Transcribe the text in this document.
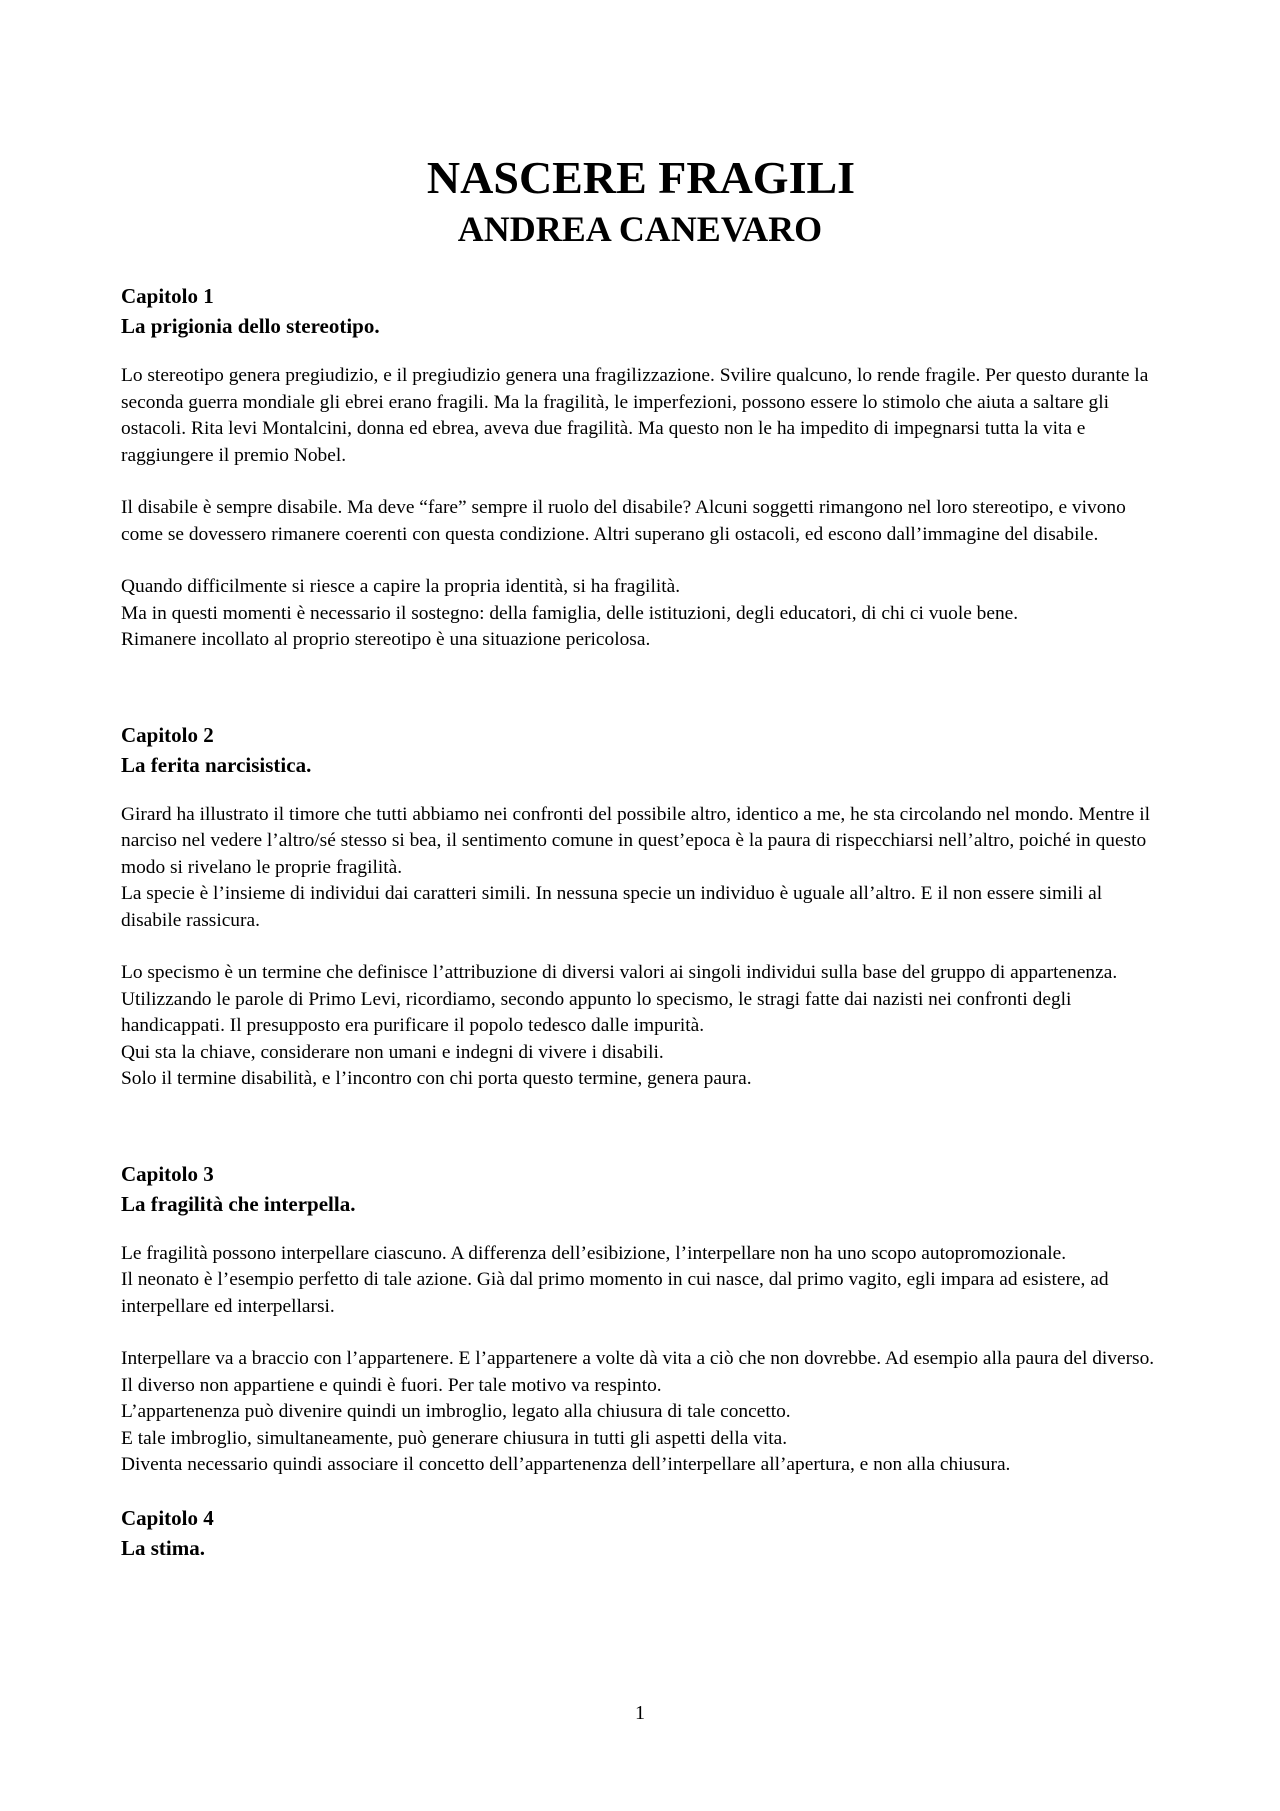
NASCERE FRAGILI
ANDREA CANEVARO
Capitolo 1
La prigionia dello stereotipo.

Lo stereotipo genera pregiudizio, e il pregiudizio genera una fragilizzazione. Svilire qualcuno, lo rende fragile. Per questo durante la seconda guerra mondiale gli ebrei erano fragili. Ma la fragilità, le imperfezioni, possono essere lo stimolo che aiuta a saltare gli ostacoli. Rita levi Montalcini, donna ed ebrea, aveva due fragilità. Ma questo non le ha impedito di impegnarsi tutta la vita e raggiungere il premio Nobel.

Il disabile è sempre disabile. Ma deve “fare” sempre il ruolo del disabile? Alcuni soggetti rimangono nel loro stereotipo, e vivono come se dovessero rimanere coerenti con questa condizione. Altri superano gli ostacoli, ed escono dall’immagine del disabile.

Quando difficilmente si riesce a capire la propria identità, si ha fragilità.

Ma in questi momenti è necessario il sostegno: della famiglia, delle istituzioni, degli educatori, di chi ci vuole bene.

Rimanere incollato al proprio stereotipo è una situazione pericolosa.

Capitolo 2
La ferita narcisistica.

Girard ha illustrato il timore che tutti abbiamo nei confronti del possibile altro, identico a me, he sta circolando nel mondo. Mentre il narciso nel vedere l’altro/sé stesso si bea, il sentimento comune in quest’epoca è la paura di rispecchiarsi nell’altro, poiché in questo modo si rivelano le proprie fragilità.

La specie è l’insieme di individui dai caratteri simili. In nessuna specie un individuo è uguale all’altro. E il non essere simili al disabile rassicura.

Lo specismo è un termine che definisce l’attribuzione di diversi valori ai singoli individui sulla base del gruppo di appartenenza.

Utilizzando le parole di Primo Levi, ricordiamo, secondo appunto lo specismo, le stragi fatte dai nazisti nei confronti degli handicappati. Il presupposto era purificare il popolo tedesco dalle impurità.

Qui sta la chiave, considerare non umani e indegni di vivere i disabili.

Solo il termine disabilità, e l’incontro con chi porta questo termine, genera paura.

Capitolo 3
La fragilità che interpella.

Le fragilità possono interpellare ciascuno. A differenza dell’esibizione, l’interpellare non ha uno scopo autopromozionale.

Il neonato è l’esempio perfetto di tale azione. Già dal primo momento in cui nasce, dal primo vagito, egli impara ad esistere, ad interpellare ed interpellarsi.

Interpellare va a braccio con l’appartenere. E l’appartenere a volte dà vita a ciò che non dovrebbe. Ad esempio alla paura del diverso. Il diverso non appartiene e quindi è fuori. Per tale motivo va respinto.

L’appartenenza può divenire quindi un imbroglio, legato alla chiusura di tale concetto.

E tale imbroglio, simultaneamente, può generare chiusura in tutti gli aspetti della vita.

Diventa necessario quindi associare il concetto dell’appartenenza dell’interpellare all’apertura, e non alla chiusura.

Capitolo 4
La stima.
1
